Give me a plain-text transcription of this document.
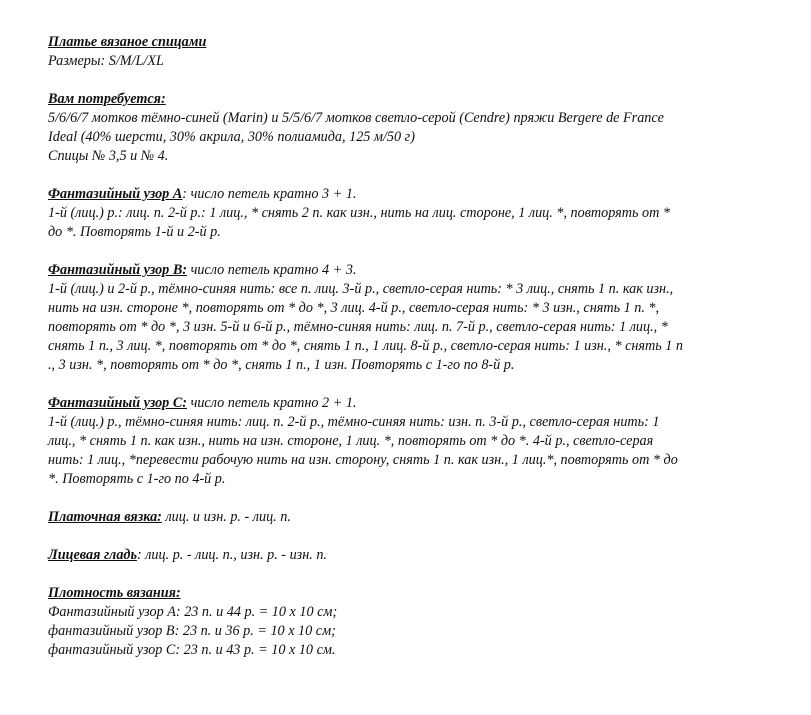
Платье вязаное спицами
Размеры: S/M/L/XL
Вам потребуется:
5/6/6/7 мотков тёмно-синей (Marin) и 5/5/6/7 мотков светло-серой (Cendre) пряжи Bergere de France
Ideal (40% шерсти, 30% акрила, 30% полиамида, 125 м/50 г)
Спицы № 3,5 и № 4.
Фантазийный узор А: число петель кратно 3 + 1.
1-й (лиц.) р.: лиц. п. 2-й р.: 1 лиц., * снять 2 п. как изн., нить на лиц. стороне, 1 лиц. *, повторять от *
до *. Повторять 1-й и 2-й р.
Фантазийный узор В: число петель кратно 4 + 3.
1-й (лиц.) и 2-й р., тёмно-синяя нить: все п. лиц. 3-й р., светло-серая нить: * 3 лиц., снять 1 п. как изн.,
нить на изн. стороне *, повторять от * до *, 3 лиц. 4-й р., светло-серая нить: * 3 изн., снять 1 п. *,
повторять от * до *, 3 изн. 5-й и 6-й р., тёмно-синяя нить: лиц. п. 7-й р., светло-серая нить: 1 лиц., *
снять 1 п., 3 лиц. *, повторять от * до *, снять 1 п., 1 лиц. 8-й р., светло-серая нить: 1 изн., * снять 1 п
., 3 изн. *, повторять от * до *, снять 1 п., 1 изн. Повторять с 1-го по 8-й р.
Фантазийный узор С: число петель кратно 2 + 1.
1-й (лиц.) р., тёмно-синяя нить: лиц. п. 2-й р., тёмно-синяя нить: изн. п. 3-й р., светло-серая нить: 1
лиц., * снять 1 п. как изн., нить на изн. стороне, 1 лиц. *, повторять от * до *. 4-й р., светло-серая
нить: 1 лиц., *перевести рабочую нить на изн. сторону, снять 1 п. как изн., 1 лиц.*, повторять от * до
*. Повторять с 1-го по 4-й р.
Платочная вязка: лиц. и изн. р. - лиц. п.
Лицевая гладь: лиц. р. - лиц. п., изн. р. - изн. п.
Плотность вязания:
Фантазийный узор А: 23 п. и 44 р. = 10 х 10 см;
фантазийный узор В: 23 п. и 36 р. = 10 х 10 см;
фантазийный узор С: 23 п. и 43 р. = 10 х 10 см.
